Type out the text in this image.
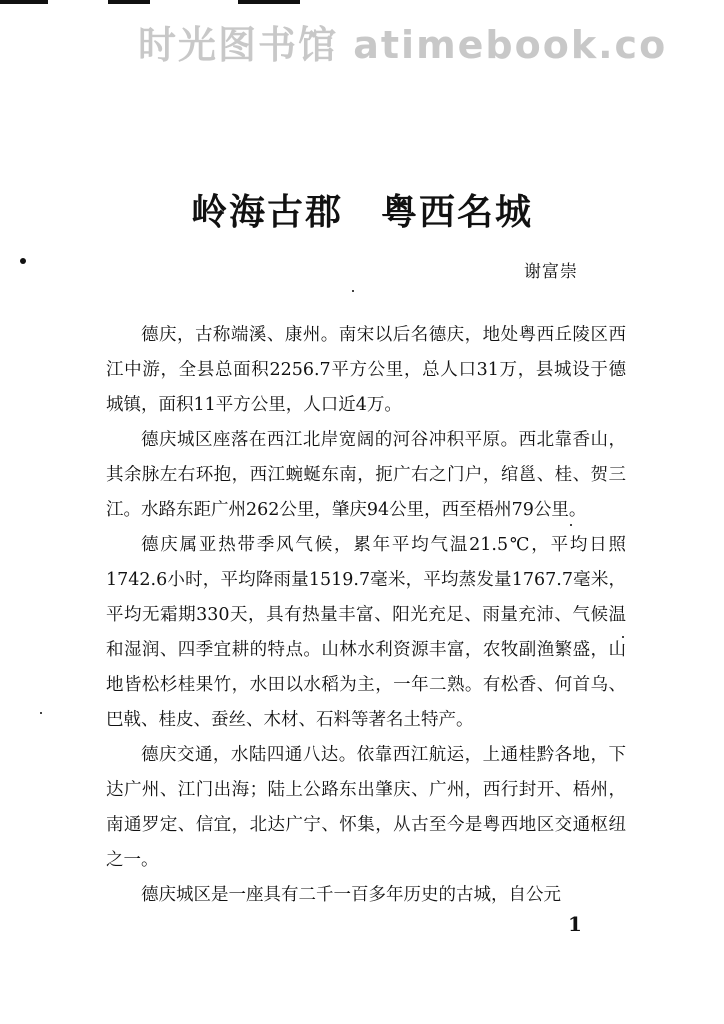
时光图书馆 atimebook.co
岭海古郡　粤西名城
谢富崇

德庆，古称端溪、康州。南宋以后名德庆，地处粤西丘陵区西江中游，全县总面积2256.7平方公里，总人口31万，县城设于德城镇，面积11平方公里，人口近4万。

德庆城区座落在西江北岸宽阔的河谷冲积平原。西北靠香山，其余脉左右环抱，西江蜿蜒东南，扼广右之门户，绾邕、桂、贺三江。水路东距广州262公里，肇庆94公里，西至梧州79公里。

德庆属亚热带季风气候，累年平均气温21.5℃，平均日照1742.6小时，平均降雨量1519.7毫米，平均蒸发量1767.7毫米，平均无霜期330天，具有热量丰富、阳光充足、雨量充沛、气候温和湿润、四季宜耕的特点。山林水利资源丰富，农牧副渔繁盛，山地皆松杉桂果竹，水田以水稻为主，一年二熟。有松香、何首乌、巴戟、桂皮、蚕丝、木材、石料等著名土特产。

德庆交通，水陆四通八达。依靠西江航运，上通桂黔各地，下达广州、江门出海；陆上公路东出肇庆、广州，西行封开、梧州，南通罗定、信宜，北达广宁、怀集，从古至今是粤西地区交通枢纽之一。

德庆城区是一座具有二千一百多年历史的古城，自公元

1
